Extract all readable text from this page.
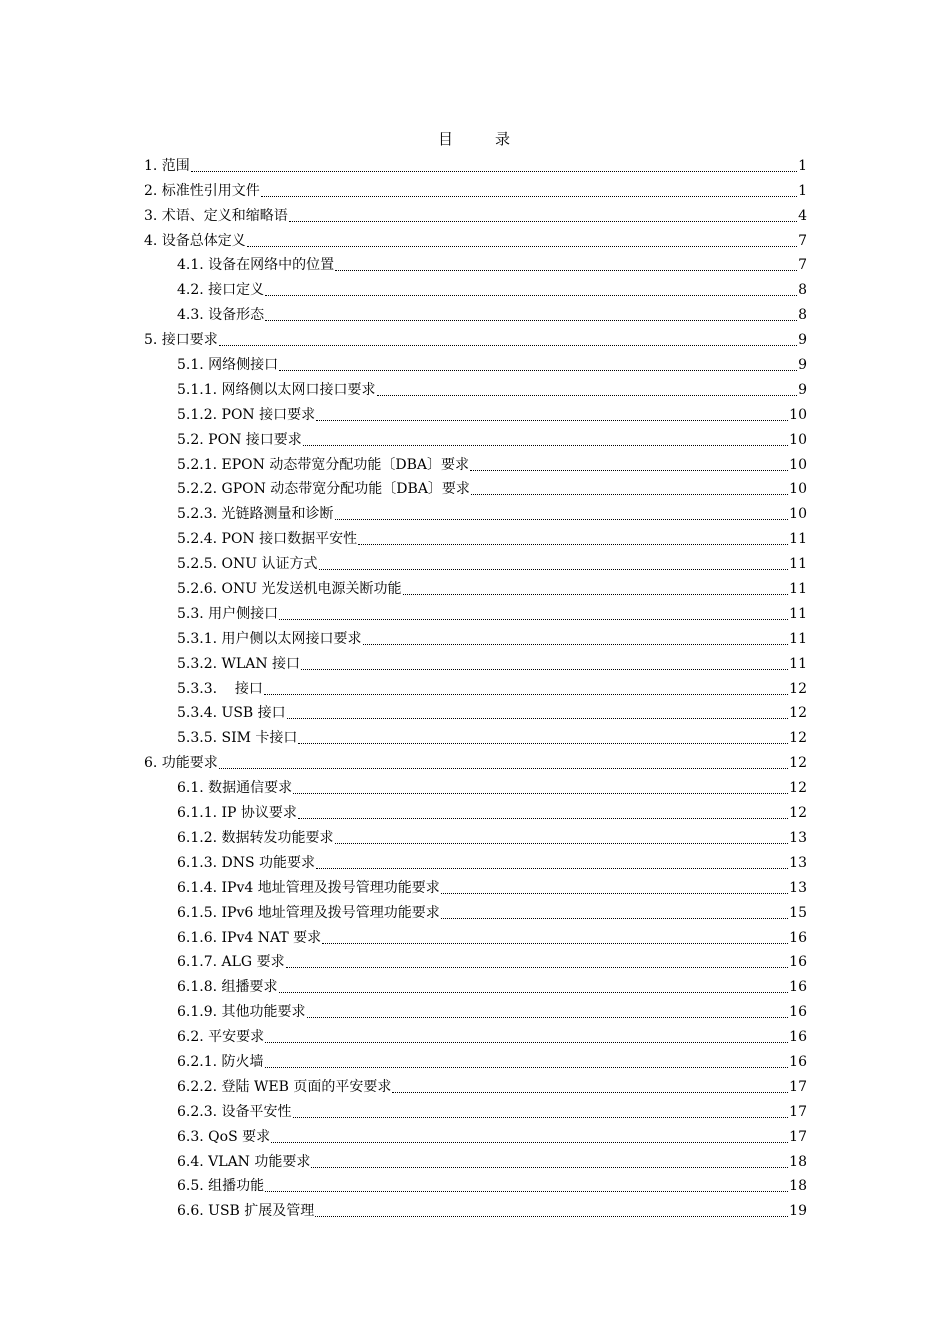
目	录
1. 范围	1
2. 标准性引用文件	1
3. 术语、定义和缩略语	4
4. 设备总体定义	7
4.1. 设备在网络中的位置	7
4.2. 接口定义	8
4.3. 设备形态	8
5. 接口要求	9
5.1. 网络侧接口	9
5.1.1. 网络侧以太网口接口要求	9
5.1.2. PON 接口要求	10
5.2. PON 接口要求	10
5.2.1. EPON 动态带宽分配功能〔DBA〕要求	10
5.2.2. GPON 动态带宽分配功能〔DBA〕要求	10
5.2.3. 光链路测量和诊断	10
5.2.4. PON 接口数据平安性	11
5.2.5. ONU 认证方式	11
5.2.6. ONU 光发送机电源关断功能	11
5.3. 用户侧接口	11
5.3.1. 用户侧以太网接口要求	11
5.3.2. WLAN 接口	11
5.3.3.    接口	12
5.3.4. USB 接口	12
5.3.5. SIM 卡接口	12
6. 功能要求	12
6.1. 数据通信要求	12
6.1.1. IP 协议要求	12
6.1.2. 数据转发功能要求	13
6.1.3. DNS 功能要求	13
6.1.4. IPv4 地址管理及拨号管理功能要求	13
6.1.5. IPv6 地址管理及拨号管理功能要求	15
6.1.6. IPv4 NAT 要求	16
6.1.7. ALG 要求	16
6.1.8. 组播要求	16
6.1.9. 其他功能要求	16
6.2. 平安要求	16
6.2.1. 防火墙	16
6.2.2. 登陆 WEB 页面的平安要求	17
6.2.3. 设备平安性	17
6.3. QoS 要求	17
6.4. VLAN 功能要求	18
6.5. 组播功能	18
6.6. USB 扩展及管理	19
